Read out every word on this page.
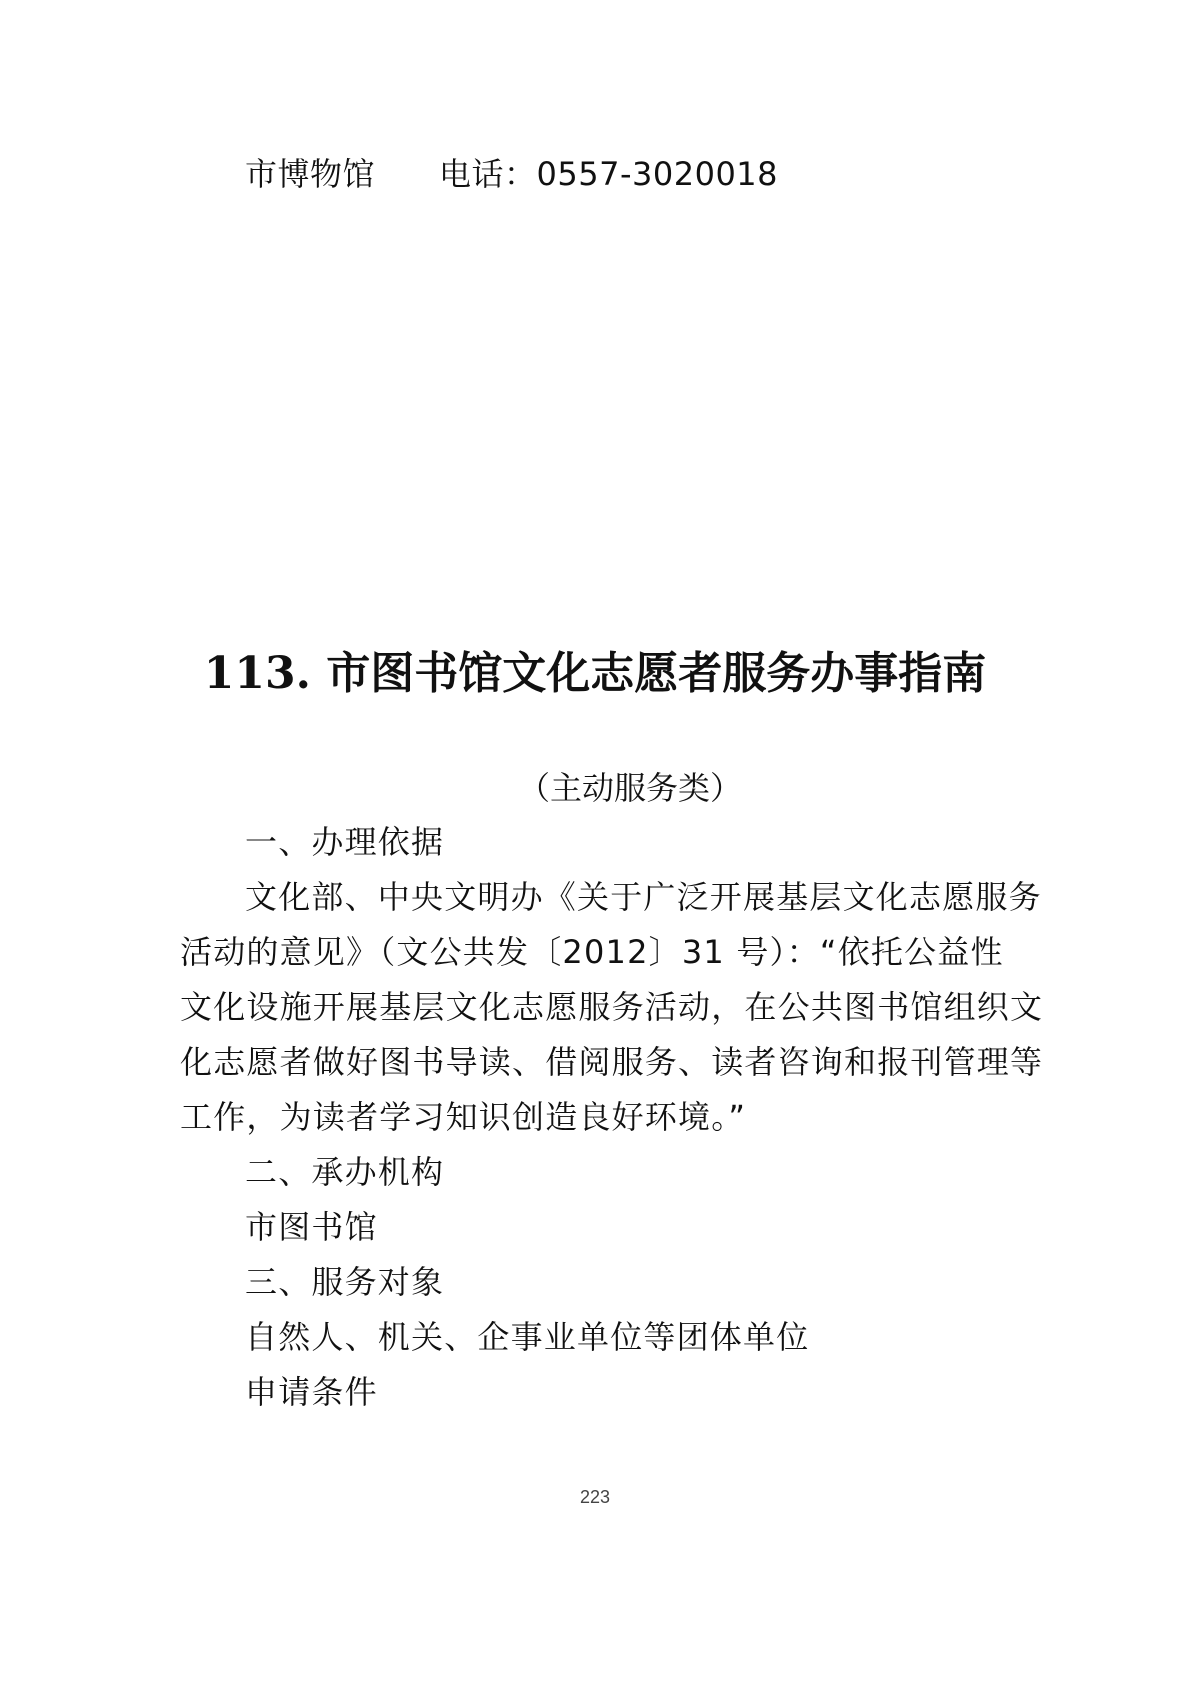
市博物馆 电话：0557-3020018
113. 市图书馆文化志愿者服务办事指南
（主动服务类）
一、办理依据
文化部、中央文明办《关于广泛开展基层文化志愿服务
活动的意见》（文公共发〔2012〕31 号）：“依托公益性
文化设施开展基层文化志愿服务活动，在公共图书馆组织文
化志愿者做好图书导读、借阅服务、读者咨询和报刊管理等
工作，为读者学习知识创造良好环境。”
二、承办机构
市图书馆
三、服务对象
自然人、机关、企事业单位等团体单位
申请条件
223
